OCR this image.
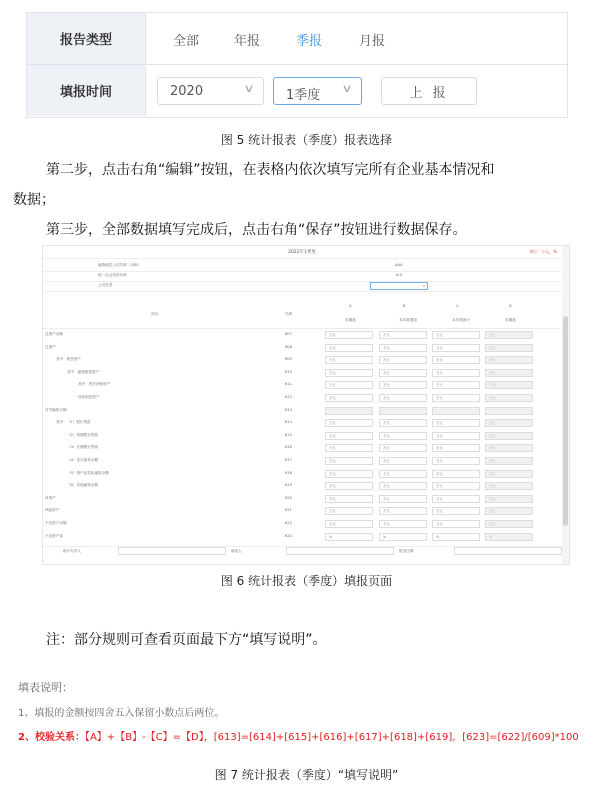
报告类型	全部	年报	季报	月报
填报时间	2020	∨ 1季度 ∨	上 报
图 5 统计报表（季度）报表选择
第二步，点击右角“编辑”按钮，在表格内依次填写完所有企业基本情况和
数据；
第三步，全部数据填写完成后，点击右角“保存”按钮进行数据保存。
2022年1季度	单位：万元，%
融资租赁公司名称（全称）	AAA
统一社会信用代码	123
公司类型	∨
项目	代码
A	B	C	D
本期数	本年度增加	本年度减少	本期数
总资产余额	607	万元	万元	万元	万元
总资产	608	万元	万元	万元	万元
其中：租赁资产	609	万元	万元	万元	万元
其中：融资租赁资产	610	万元	万元	万元	万元
其中：售后回租资产	611	万元	万元	万元	万元
经营租赁资产	612	万元	万元	万元	万元
对外融资余额	613
其中：（1）银行贷款	614	万元	万元	万元	万元
（2）短期银行贷款	615	万元	万元	万元	万元
（3）长期银行贷款	616	万元	万元	万元	万元
（4）发行债券余额	617	万元	万元	万元	万元
（5）资产证券化融资余额	618	万元	万元	万元	万元
（6）其他融资余额	619	万元	万元	万元	万元
净资产	620	万元	万元	万元	万元
风险资产	621	万元	万元	万元	万元
不良资产余额	622	万元	万元	万元	万元
不良资产率	623	%	%	%	%
统计负责人：	填表人：	报送日期：
图 6 统计报表（季度）填报页面
注：部分规则可查看页面最下方“填写说明”。
填表说明：
1、填报的金额按四舍五入保留小数点后两位。
2、校验关系：【A】+【B】-【C】=【D】，[613]=[614]+[615]+[616]+[617]+[618]+[619]，[623]=[622]/[609]*100
图 7 统计报表（季度）“填写说明”
